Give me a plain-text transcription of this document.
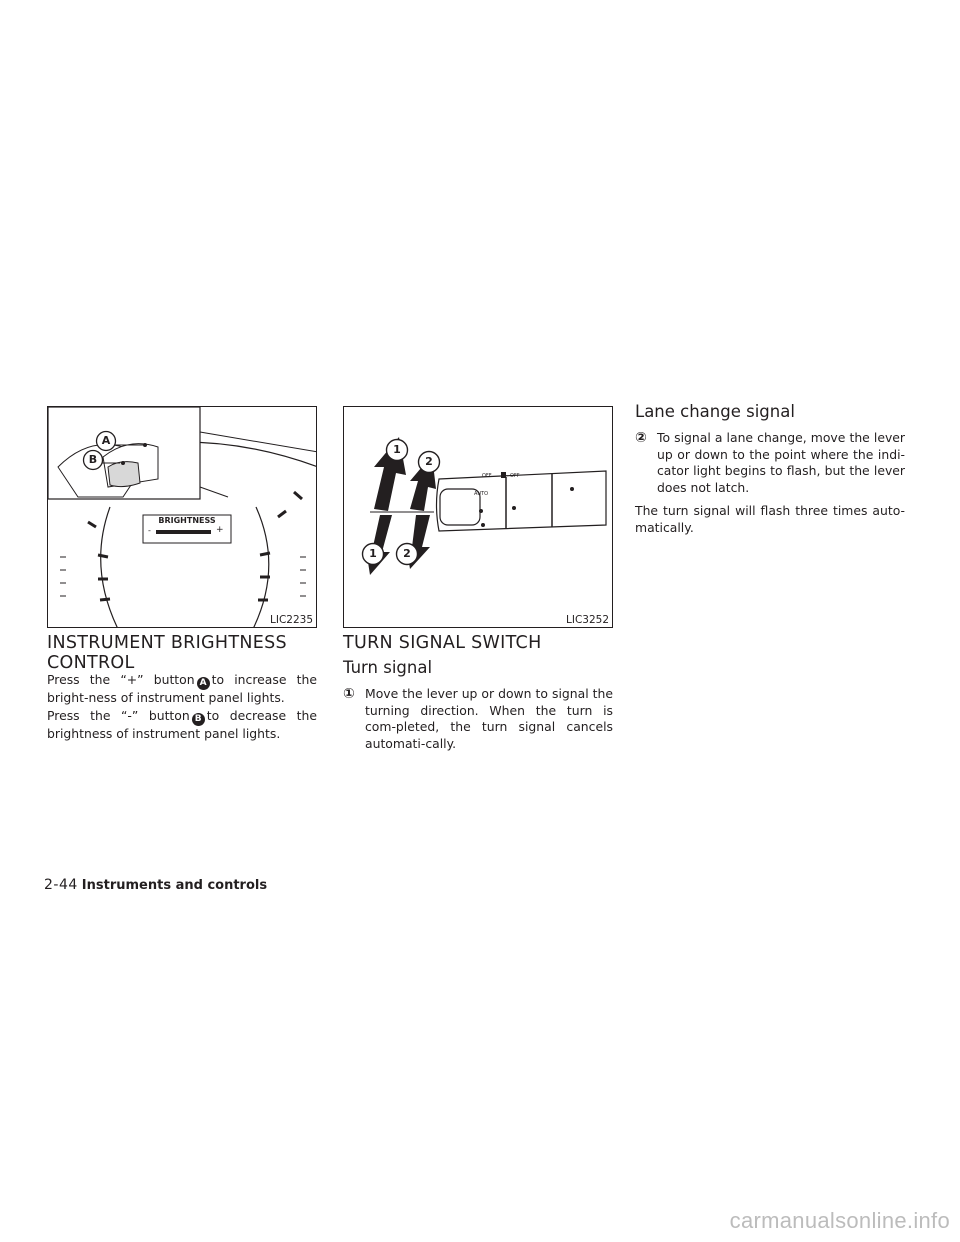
A
B
BRIGHTNESS
-	+
LIC2235
1
2
1 2
OFF	OFF
AUTO
LIC3252
INSTRUMENT BRIGHTNESS
CONTROL

Press the “+” button A to increase the bright-ness of instrument panel lights.

Press the “-” button B to decrease the brightness of instrument panel lights.

TURN SIGNAL SWITCH
Turn signal
① Move the lever up or down to signal the turning direction. When the turn is com-pleted, the turn signal cancels automati-cally.
Lane change signal
② To signal a lane change, move the lever up or down to the point where the indi-cator light begins to flash, but the lever does not latch.

The turn signal will flash three times auto-matically.

2-44 Instruments and controls
carmanualsonline.info
